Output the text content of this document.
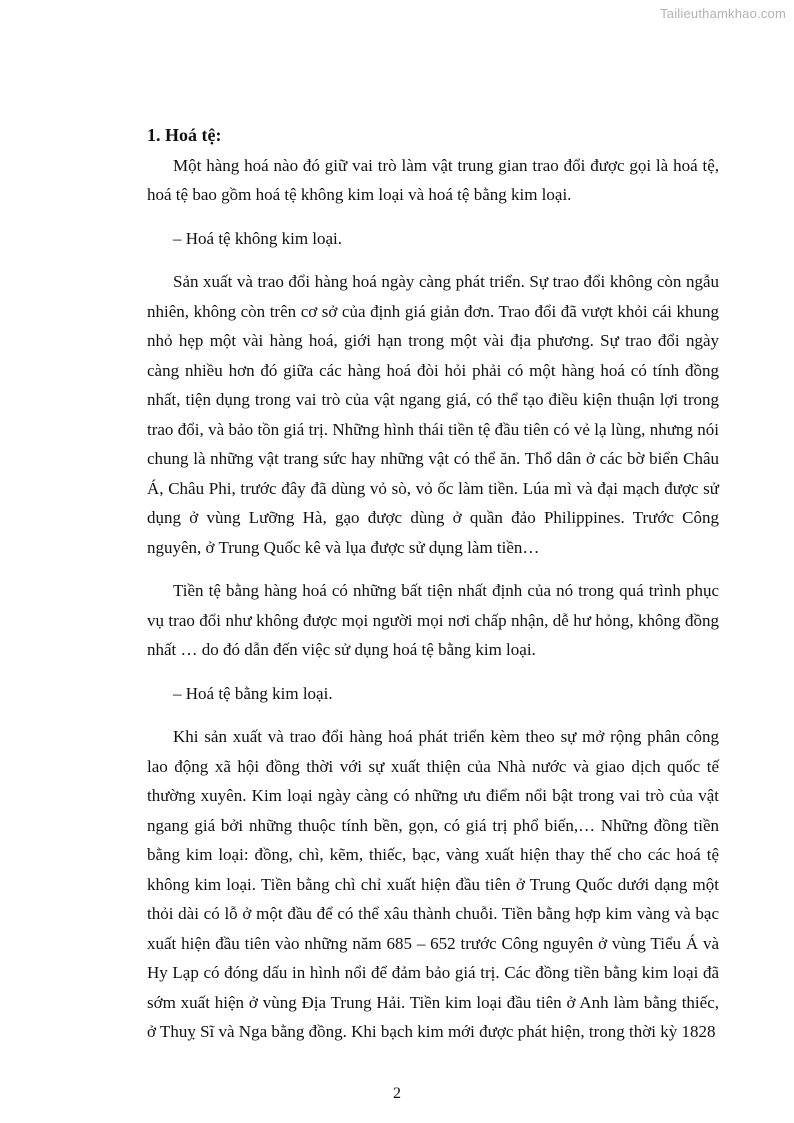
Tailieuthamkhao.com

1. Hoá tệ:

Một hàng hoá nào đó giữ vai trò làm vật trung gian trao đổi được gọi là hoá tệ, hoá tệ bao gồm hoá tệ không kim loại và hoá tệ bằng kim loại.

– Hoá tệ không kim loại.

Sản xuất và trao đổi hàng hoá ngày càng phát triển. Sự trao đổi không còn ngẫu nhiên, không còn trên cơ sở của định giá giản đơn. Trao đổi đã vượt khỏi cái khung nhỏ hẹp một vài hàng hoá, giới hạn trong một vài địa phương. Sự trao đổi ngày càng nhiều hơn đó giữa các hàng hoá đòi hỏi phải có một hàng hoá có tính đồng nhất, tiện dụng trong vai trò của vật ngang giá, có thể tạo điều kiện thuận lợi trong trao đổi, và bảo tồn giá trị. Những hình thái tiền tệ đầu tiên có vẻ lạ lùng, nhưng nói chung là những vật trang sức hay những vật có thể ăn. Thổ dân ở các bờ biển Châu Á, Châu Phi, trước đây đã dùng vỏ sò, vỏ ốc làm tiền. Lúa mì và đại mạch được sử dụng ở vùng Lưỡng Hà, gạo được dùng ở quần đảo Philippines. Trước Công nguyên, ở Trung Quốc kê và lụa được sử dụng làm tiền…

Tiền tệ bằng hàng hoá có những bất tiện nhất định của nó trong quá trình phục vụ trao đổi như không được mọi người mọi nơi chấp nhận, dễ hư hỏng, không đồng nhất … do đó dẫn đến việc sử dụng hoá tệ bằng kim loại.

– Hoá tệ bằng kim loại.

Khi sản xuất và trao đổi hàng hoá phát triển kèm theo sự mở rộng phân công lao động xã hội đồng thời với sự xuất thiện của Nhà nước và giao dịch quốc tế thường xuyên. Kim loại ngày càng có những ưu điểm nổi bật trong vai trò của vật ngang giá bởi những thuộc tính bền, gọn, có giá trị phổ biến,… Những đồng tiền bằng kim loại: đồng, chì, kẽm, thiếc, bạc, vàng xuất hiện thay thế cho các hoá tệ không kim loại. Tiền bằng chì chỉ xuất hiện đầu tiên ở Trung Quốc dưới dạng một thỏi dài có lỗ ở một đầu để có thể xâu thành chuỗi. Tiền bằng hợp kim vàng và bạc xuất hiện đầu tiên vào những năm 685 – 652 trước Công nguyên ở vùng Tiểu Á và Hy Lạp có đóng dấu in hình nổi để đảm bảo giá trị. Các đồng tiền bằng kim loại đã sớm xuất hiện ở vùng Địa Trung Hải. Tiền kim loại đầu tiên ở Anh làm bằng thiếc, ở Thuỵ Sĩ và Nga bằng đồng. Khi bạch kim mới được phát hiện, trong thời kỳ 1828

2
